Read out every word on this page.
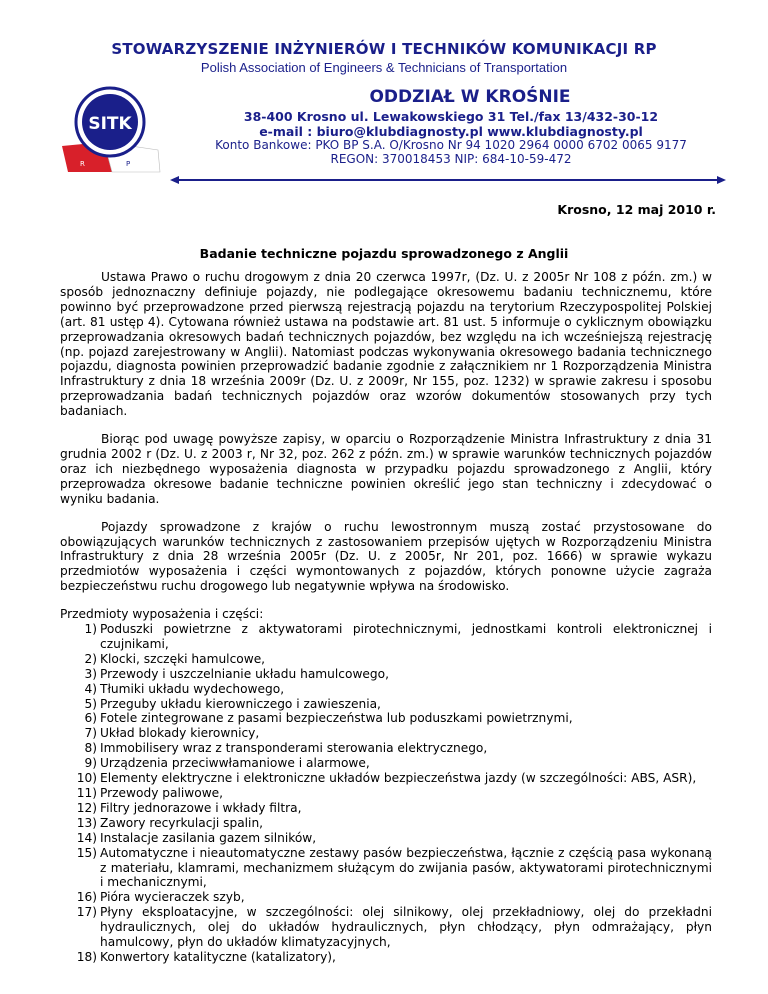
STOWARZYSZENIE INŻYNIERÓW I TECHNIKÓW KOMUNIKACJI RP
Polish Association of Engineers & Technicians of Transportation
SITK
R	P
ODDZIAŁ W KROŚNIE
38-400 Krosno ul. Lewakowskiego 31 Tel./fax 13/432-30-12
e-mail : biuro@klubdiagnosty.pl www.klubdiagnosty.pl
Konto Bankowe: PKO BP S.A. O/Krosno Nr 94 1020 2964 0000 6702 0065 9177
REGON: 370018453 NIP: 684-10-59-472
Krosno, 12 maj 2010 r.
Badanie techniczne pojazdu sprowadzonego z Anglii

Ustawa Prawo o ruchu drogowym z dnia 20 czerwca 1997r, (Dz. U. z 2005r Nr 108 z późn. zm.) w sposób jednoznaczny definiuje pojazdy, nie podlegające okresowemu badaniu technicznemu, które powinno być przeprowadzone przed pierwszą rejestracją pojazdu na terytorium Rzeczypospolitej Polskiej (art. 81 ustęp 4). Cytowana również ustawa na podstawie art. 81 ust. 5 informuje o cyklicznym obowiązku przeprowadzania okresowych badań technicznych pojazdów, bez względu na ich wcześniejszą rejestrację (np. pojazd zarejestrowany w Anglii). Natomiast podczas wykonywania okresowego badania technicznego pojazdu, diagnosta powinien przeprowadzić badanie zgodnie z załącznikiem nr 1 Rozporządzenia Ministra Infrastruktury z dnia 18 września 2009r (Dz. U. z 2009r, Nr 155, poz. 1232) w sprawie zakresu i sposobu przeprowadzania badań technicznych pojazdów oraz wzorów dokumentów stosowanych przy tych badaniach.

Biorąc pod uwagę powyższe zapisy, w oparciu o Rozporządzenie Ministra Infrastruktury z dnia 31 grudnia 2002 r (Dz. U. z 2003 r, Nr 32, poz. 262 z późn. zm.) w sprawie warunków technicznych pojazdów oraz ich niezbędnego wyposażenia diagnosta w przypadku pojazdu sprowadzonego z Anglii, który przeprowadza okresowe badanie techniczne powinien określić jego stan techniczny i zdecydować o wyniku badania.

Pojazdy sprowadzone z krajów o ruchu lewostronnym muszą zostać przystosowane do obowiązujących warunków technicznych z zastosowaniem przepisów ujętych w Rozporządzeniu Ministra Infrastruktury z dnia 28 września 2005r (Dz. U. z 2005r, Nr 201, poz. 1666) w sprawie wykazu przedmiotów wyposażenia i części wymontowanych z pojazdów, których ponowne użycie zagraża bezpieczeństwu ruchu drogowego lub negatywnie wpływa na środowisko.

Przedmioty wyposażenia i części:
1) Poduszki powietrzne z aktywatorami pirotechnicznymi, jednostkami kontroli elektronicznej i czujnikami,
2) Klocki, szczęki hamulcowe,
3) Przewody i uszczelnianie układu hamulcowego,
4) Tłumiki układu wydechowego,
5) Przeguby układu kierowniczego i zawieszenia,
6) Fotele zintegrowane z pasami bezpieczeństwa lub poduszkami powietrznymi,
7) Układ blokady kierownicy,
8) Immobilisery wraz z transponderami sterowania elektrycznego,
9) Urządzenia przeciwwłamaniowe i alarmowe,
10) Elementy elektryczne i elektroniczne układów bezpieczeństwa jazdy (w szczególności: ABS, ASR),
11) Przewody paliwowe,
12) Filtry jednorazowe i wkłady filtra,
13) Zawory recyrkulacji spalin,
14) Instalacje zasilania gazem silników,
15) Automatyczne i nieautomatyczne zestawy pasów bezpieczeństwa, łącznie z częścią pasa wykonaną z materiału, klamrami, mechanizmem służącym do zwijania pasów, aktywatorami pirotechnicznymi i mechanicznymi,
16) Pióra wycieraczek szyb,
17) Płyny eksploatacyjne, w szczególności: olej silnikowy, olej przekładniowy, olej do przekładni hydraulicznych, olej do układów hydraulicznych, płyn chłodzący, płyn odmrażający, płyn hamulcowy, płyn do układów klimatyzacyjnych,
18) Konwertory katalityczne (katalizatory),
